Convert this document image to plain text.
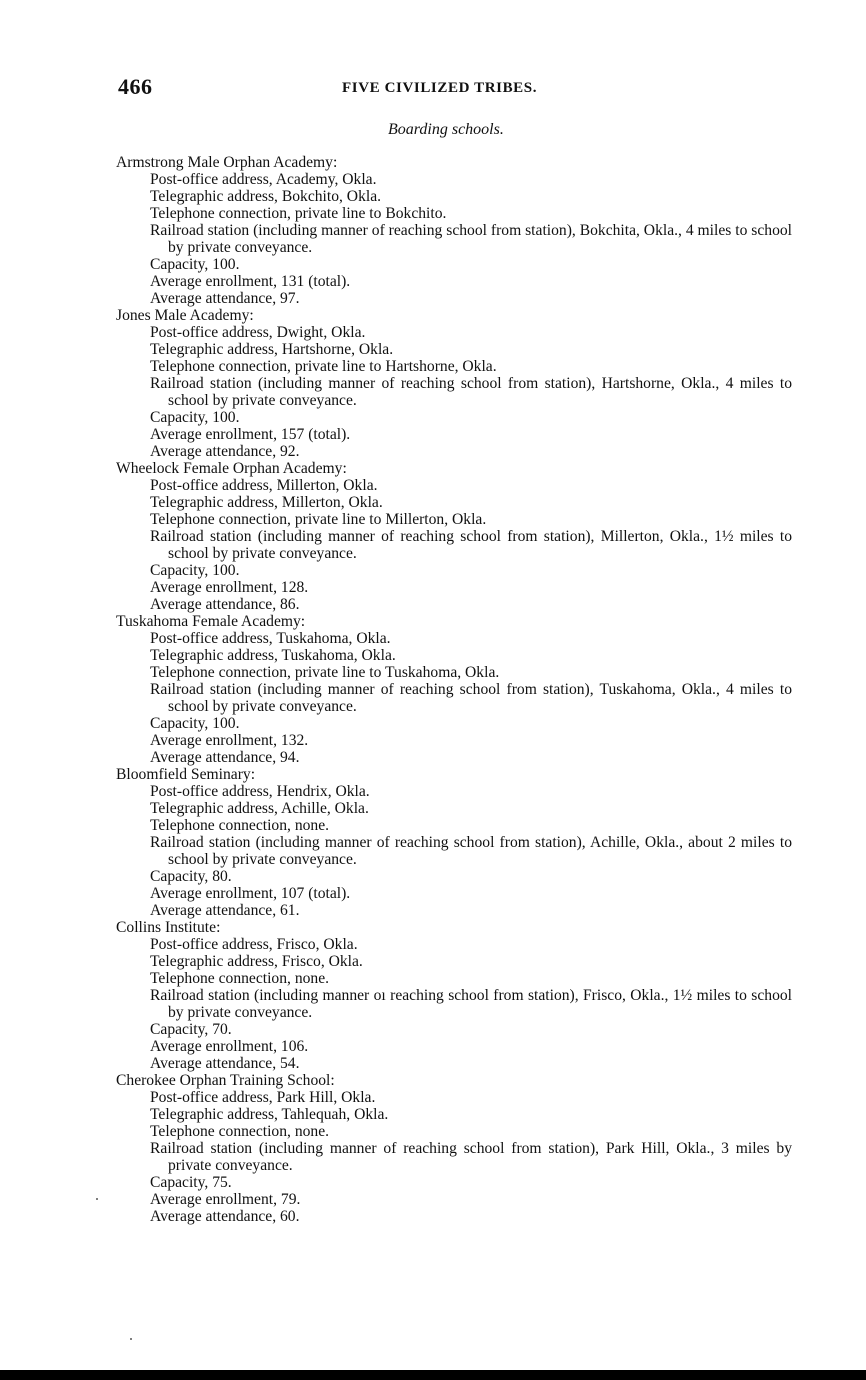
466	FIVE CIVILIZED TRIBES.
Boarding schools.
Armstrong Male Orphan Academy:
Post-office address, Academy, Okla.
Telegraphic address, Bokchito, Okla.
Telephone connection, private line to Bokchito.
Railroad station (including manner of reaching school from station), Bokchita, Okla., 4 miles to school by private conveyance.
Capacity, 100.
Average enrollment, 131 (total).
Average attendance, 97.
Jones Male Academy:
Post-office address, Dwight, Okla.
Telegraphic address, Hartshorne, Okla.
Telephone connection, private line to Hartshorne, Okla.
Railroad station (including manner of reaching school from station), Hartshorne, Okla., 4 miles to school by private conveyance.
Capacity, 100.
Average enrollment, 157 (total).
Average attendance, 92.
Wheelock Female Orphan Academy:
Post-office address, Millerton, Okla.
Telegraphic address, Millerton, Okla.
Telephone connection, private line to Millerton, Okla.
Railroad station (including manner of reaching school from station), Millerton, Okla., 1½ miles to school by private conveyance.
Capacity, 100.
Average enrollment, 128.
Average attendance, 86.
Tuskahoma Female Academy:
Post-office address, Tuskahoma, Okla.
Telegraphic address, Tuskahoma, Okla.
Telephone connection, private line to Tuskahoma, Okla.
Railroad station (including manner of reaching school from station), Tuskahoma, Okla., 4 miles to school by private conveyance.
Capacity, 100.
Average enrollment, 132.
Average attendance, 94.
Bloomfield Seminary:
Post-office address, Hendrix, Okla.
Telegraphic address, Achille, Okla.
Telephone connection, none.
Railroad station (including manner of reaching school from station), Achille, Okla., about 2 miles to school by private conveyance.
Capacity, 80.
Average enrollment, 107 (total).
Average attendance, 61.
Collins Institute:
Post-office address, Frisco, Okla.
Telegraphic address, Frisco, Okla.
Telephone connection, none.
Railroad station (including manner oı reaching school from station), Frisco, Okla., 1½ miles to school by private conveyance.
Capacity, 70.
Average enrollment, 106.
Average attendance, 54.
Cherokee Orphan Training School:
Post-office address, Park Hill, Okla.
Telegraphic address, Tahlequah, Okla.
Telephone connection, none.
Railroad station (including manner of reaching school from station), Park Hill, Okla., 3 miles by private conveyance.
Capacity, 75.
Average enrollment, 79.
Average attendance, 60.
